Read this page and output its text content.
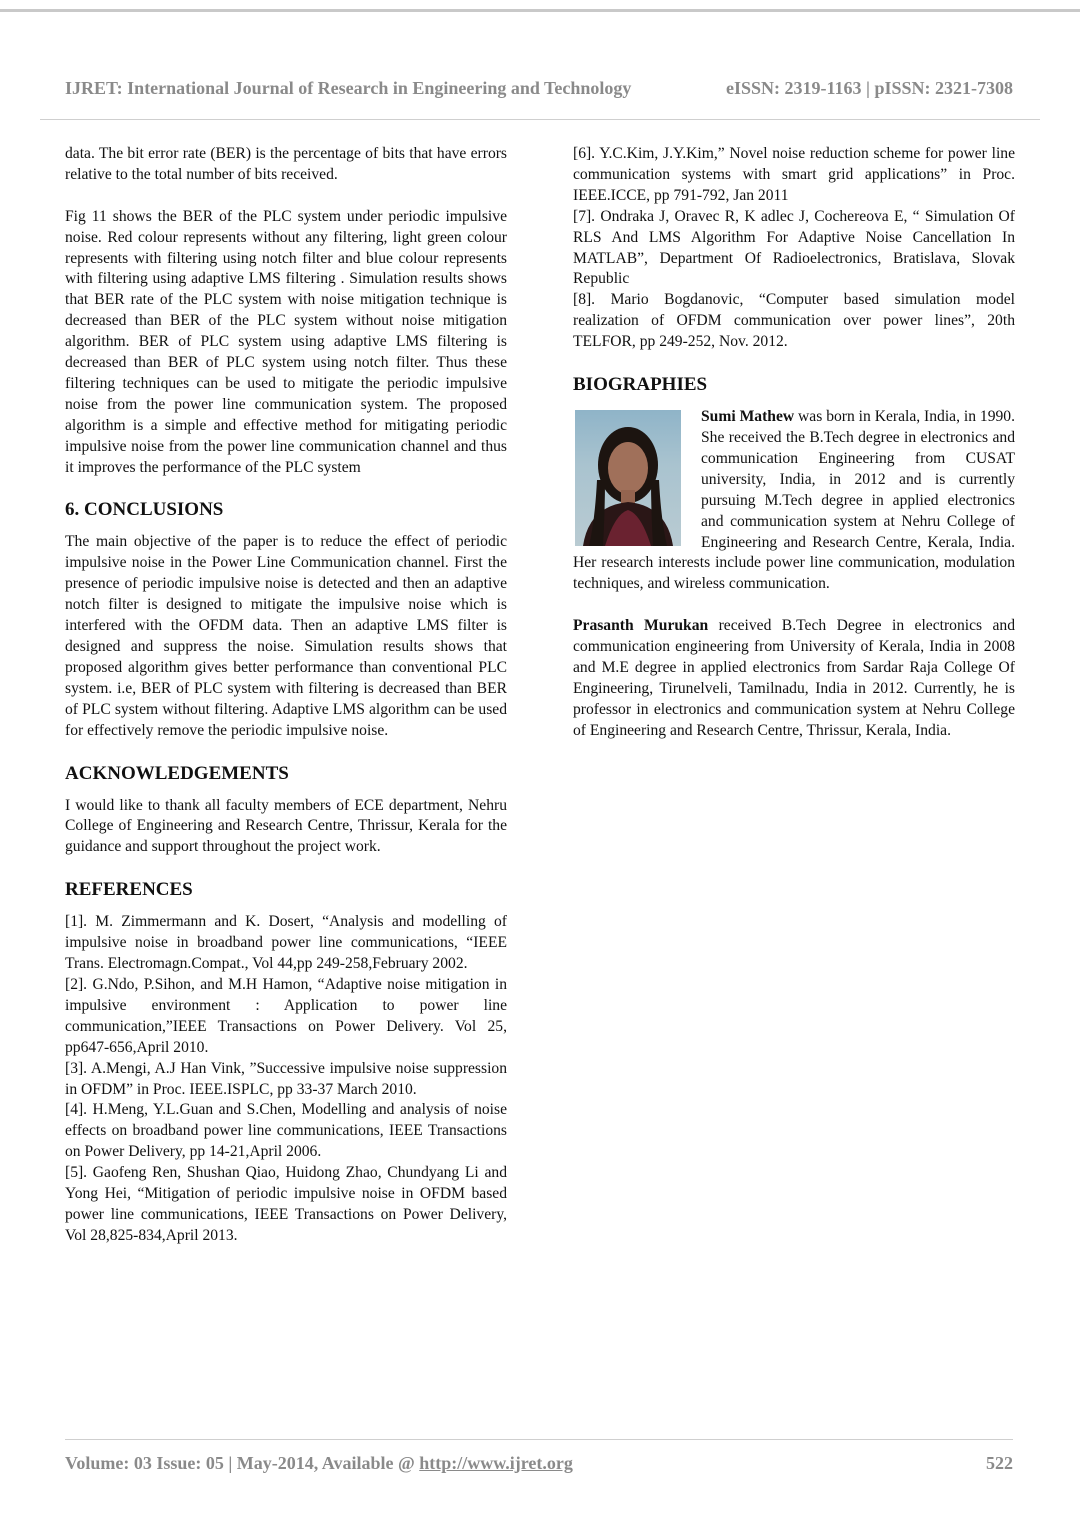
IJRET: International Journal of Research in Engineering and Technology	eISSN: 2319-1163 | pISSN: 2321-7308

data. The bit error rate (BER) is the percentage of bits that have errors relative to the total number of bits received.

Fig 11 shows the BER of the PLC system under periodic impulsive noise. Red colour represents without any filtering, light green colour represents with filtering using notch filter and blue colour represents with filtering using adaptive LMS filtering . Simulation results shows that BER rate of the PLC system with noise mitigation technique is decreased than BER of the PLC system without noise mitigation algorithm. BER of PLC system using adaptive LMS filtering is decreased than BER of PLC system using notch filter. Thus these filtering techniques can be used to mitigate the periodic impulsive noise from the power line communication system. The proposed algorithm is a simple and effective method for mitigating periodic impulsive noise from the power line communication channel and thus it improves the performance of the PLC system

6. CONCLUSIONS

The main objective of the paper is to reduce the effect of periodic impulsive noise in the Power Line Communication channel. First the presence of periodic impulsive noise is detected and then an adaptive notch filter is designed to mitigate the impulsive noise which is interfered with the OFDM data. Then an adaptive LMS filter is designed and suppress the noise. Simulation results shows that proposed algorithm gives better performance than conventional PLC system. i.e, BER of PLC system with filtering is decreased than BER of PLC system without filtering. Adaptive LMS algorithm can be used for effectively remove the periodic impulsive noise.

ACKNOWLEDGEMENTS

I would like to thank all faculty members of ECE department, Nehru College of Engineering and Research Centre, Thrissur, Kerala for the guidance and support throughout the project work.

REFERENCES

[1]. M. Zimmermann and K. Dosert, “Analysis and modelling of impulsive noise in broadband power line communications, “IEEE Trans. Electromagn.Compat., Vol 44,pp 249-258,February 2002.

[2]. G.Ndo, P.Sihon, and M.H Hamon, “Adaptive noise mitigation in impulsive environment : Application to power line communication,”IEEE Transactions on Power Delivery. Vol 25, pp647-656,April 2010.

[3]. A.Mengi, A.J Han Vink, ”Successive impulsive noise suppression in OFDM” in Proc. IEEE.ISPLC, pp 33-37 March 2010.

[4]. H.Meng, Y.L.Guan and S.Chen, Modelling and analysis of noise effects on broadband power line communications, IEEE Transactions on Power Delivery, pp 14-21,April 2006.

[5]. Gaofeng Ren, Shushan Qiao, Huidong Zhao, Chundyang Li and Yong Hei, “Mitigation of periodic impulsive noise in OFDM based power line communications, IEEE Transactions on Power Delivery, Vol 28,825-834,April 2013.

[6]. Y.C.Kim, J.Y.Kim,” Novel noise reduction scheme for power line communication systems with smart grid applications” in Proc. IEEE.ICCE, pp 791-792, Jan 2011

[7]. Ondraka J, Oravec R, K adlec J, Cochereova E, “ Simulation Of RLS And LMS Algorithm For Adaptive Noise Cancellation In MATLAB”, Department Of Radioelectronics, Bratislava, Slovak Republic

[8]. Mario Bogdanovic, “Computer based simulation model realization of OFDM communication over power lines”, 20th TELFOR, pp 249-252, Nov. 2012.

BIOGRAPHIES

Sumi Mathew
was born in Kerala, India, in 1990. She received the B.Tech degree in electronics and communication Engineering from CUSAT university, India, in 2012 and is currently pursuing M.Tech degree in applied electronics and communication system at Nehru College of Engineering and Research Centre, Kerala, India. Her research interests include power line communication, modulation techniques, and wireless communication.

Prasanth Murukan received B.Tech Degree in electronics and communication engineering from University of Kerala, India in 2008 and M.E degree in applied electronics from Sardar Raja College Of Engineering, Tirunelveli, Tamilnadu, India in 2012. Currently, he is professor in electronics and communication system at Nehru College of Engineering and Research Centre, Thrissur, Kerala, India.

Volume: 03 Issue: 05 | May-2014, Available @ http://www.ijret.org	522
